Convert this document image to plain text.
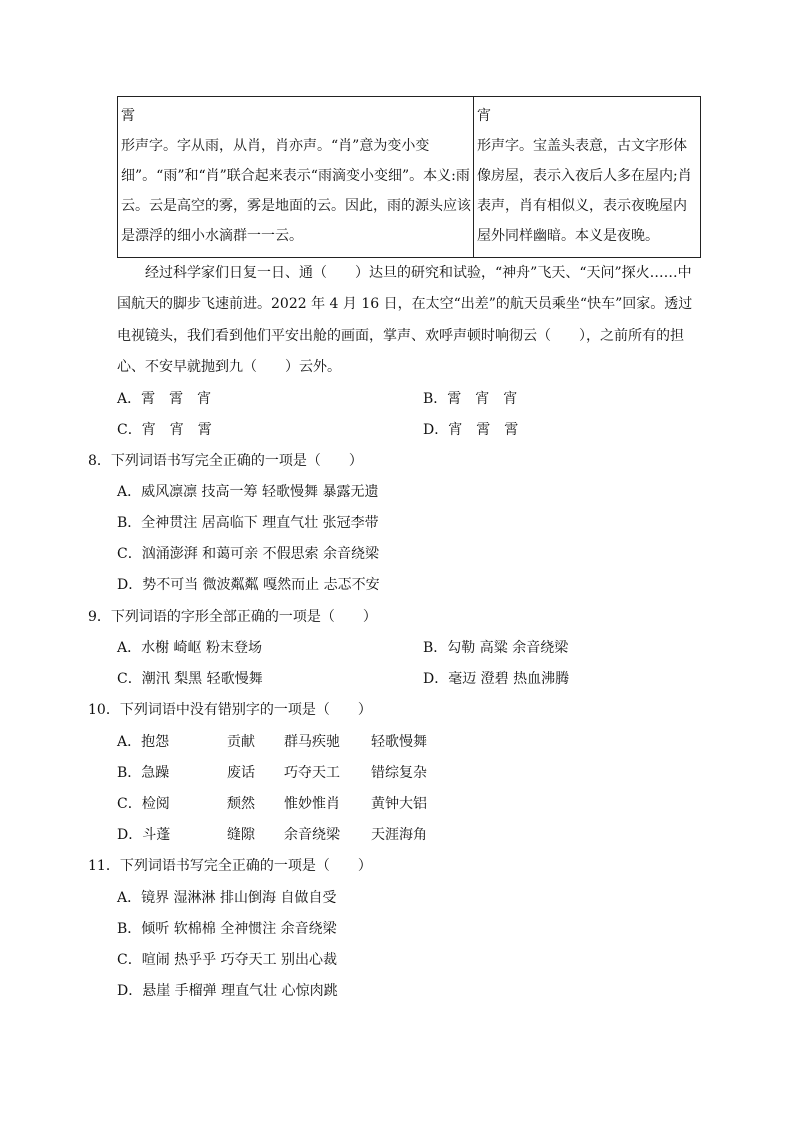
霄
形声字。字从雨，从肖，肖亦声。“肖”意为变小变细”。“雨”和“肖”联合起来表示“雨滴变小变细”。本义:雨云。云是高空的雾，雾是地面的云。因此，雨的源头应该是漂浮的细小水滴群一一云。

宵
形声字。宝盖头表意，古文字形体像房屋，表示入夜后人多在屋内;肖表声，肖有相似义，表示夜晚屋内屋外同样幽暗。本义是夜晚。
经过科学家们日复一日、通（　　）达旦的研究和试验，“神舟”飞天、“天问”探火……中国航天的脚步飞速前进。2022 年 4 月 16 日，在太空“出差”的航天员乘坐“快车”回家。透过电视镜头，我们看到他们平安出舱的画面，掌声、欢呼声顿时响彻云（　　），之前所有的担心、不安早就抛到九（　　）云外。
A．霄　霄　宵	B．霄　宵　宵
C．宵　宵　霄	D．宵　霄　霄
8．下列词语书写完全正确的一项是（　　）
A．威风凛凛 技高一筹 轻歌慢舞 暴露无遗
B．全神贯注 居高临下 理直气壮 张冠李带
C．汹涌澎湃 和蔼可亲 不假思索 余音绕梁
D．势不可当 微波粼粼 嘎然而止 忐忑不安
9．下列词语的字形全部正确的一项是（　　）
A．水榭 崎岖 粉末登场	B．勾勒 高粱 余音绕梁
C．潮汛 梨黑 轻歌慢舞	D．毫迈 澄碧 热血沸腾
10．下列词语中没有错别字的一项是（　　）
A．抱怨	贡献 群马疾驰 轻歌慢舞
B．急躁	废话 巧夺天工 错综复杂
C．检阅	颓然 惟妙惟肖 黄钟大铝
D．斗蓬	缝隙 余音绕梁 天涯海角
11．下列词语书写完全正确的一项是（　　）
A．镜界 湿淋淋 排山倒海 自做自受
B．倾听 软棉棉 全神惯注 余音绕梁
C．喧闹 热乎乎 巧夺天工 别出心裁
D．悬崖 手榴弹 理直气壮 心惊肉跳
